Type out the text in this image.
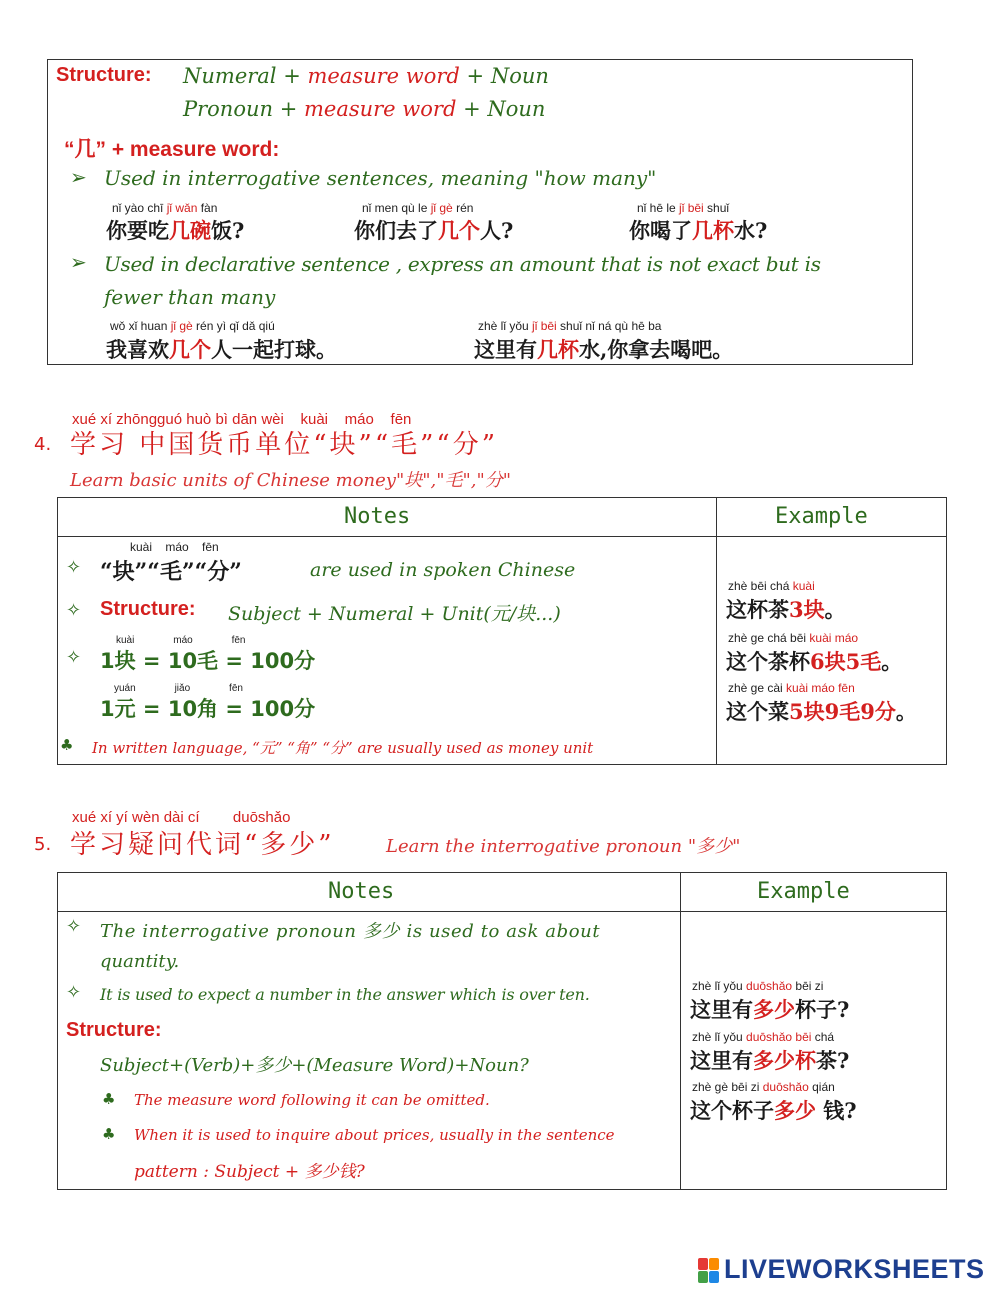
Structure: Numeral + measure word + Noun
Pronoun + measure word + Noun
“几” + measure word:
➢ Used in interrogative sentences, meaning "how many"
nǐ yào chī jǐ wǎn fàn
你要吃几碗饭?
nǐ men qù le jǐ gè rén
你们去了几个人?
nǐ hē le jǐ bēi shuǐ
你喝了几杯水?
➢ Used in declarative sentence , express an amount that is not exact but is
fewer than many
wǒ xǐ huan jǐ gè rén yì qǐ dǎ qiú
我喜欢几个人一起打球。
zhè lǐ yǒu jǐ bēi shuǐ nǐ ná qù hē ba
这里有几杯水,你拿去喝吧。
xué xí zhōngguó huò bì dān wèi    kuài    máo    fēn
4. 学习 中国货币单位“块”“毛”“分”
Learn basic units of Chinese money"块","毛","分"
Notes	Example
✧
kuài    máo    fēn
“块”“毛”“分”	are used in spoken Chinese
✧ Structure: Subject + Numeral + Unit(元/块...)
✧
kuài              máo              fēn
1块 = 10毛 = 100分
yuán              jiǎo              fēn
1元 = 10角 = 100分
♣ In written language, “元” “角” “分” are usually used as money unit
zhè bēi chá kuài
这杯茶3块。
zhè ge chá bēi kuài máo
这个茶杯6块5毛。
zhè ge cài kuài máo fēn
这个菜5块9毛9分。
xué xí yí wèn dài cí        duōshǎo
5. 学习疑问代词“多少”	Learn the interrogative pronoun "多少"
Notes	Example
✧ The interrogative pronoun 多少 is used to ask about
quantity.
✧ It is used to expect a number in the answer which is over ten.
Structure:
Subject+(Verb)+多少+(Measure Word)+Noun?
♣ The measure word following it can be omitted.
♣ When it is used to inquire about prices, usually in the sentence
pattern : Subject + 多少钱?
zhè lǐ yǒu duōshǎo bēi zi
这里有多少杯子?
zhè lǐ yǒu duōshǎo bēi chá
这里有多少杯茶?
zhè gè bēi zi duōshǎo qián
这个杯子多少 钱?
LIVEWORKSHEETS
